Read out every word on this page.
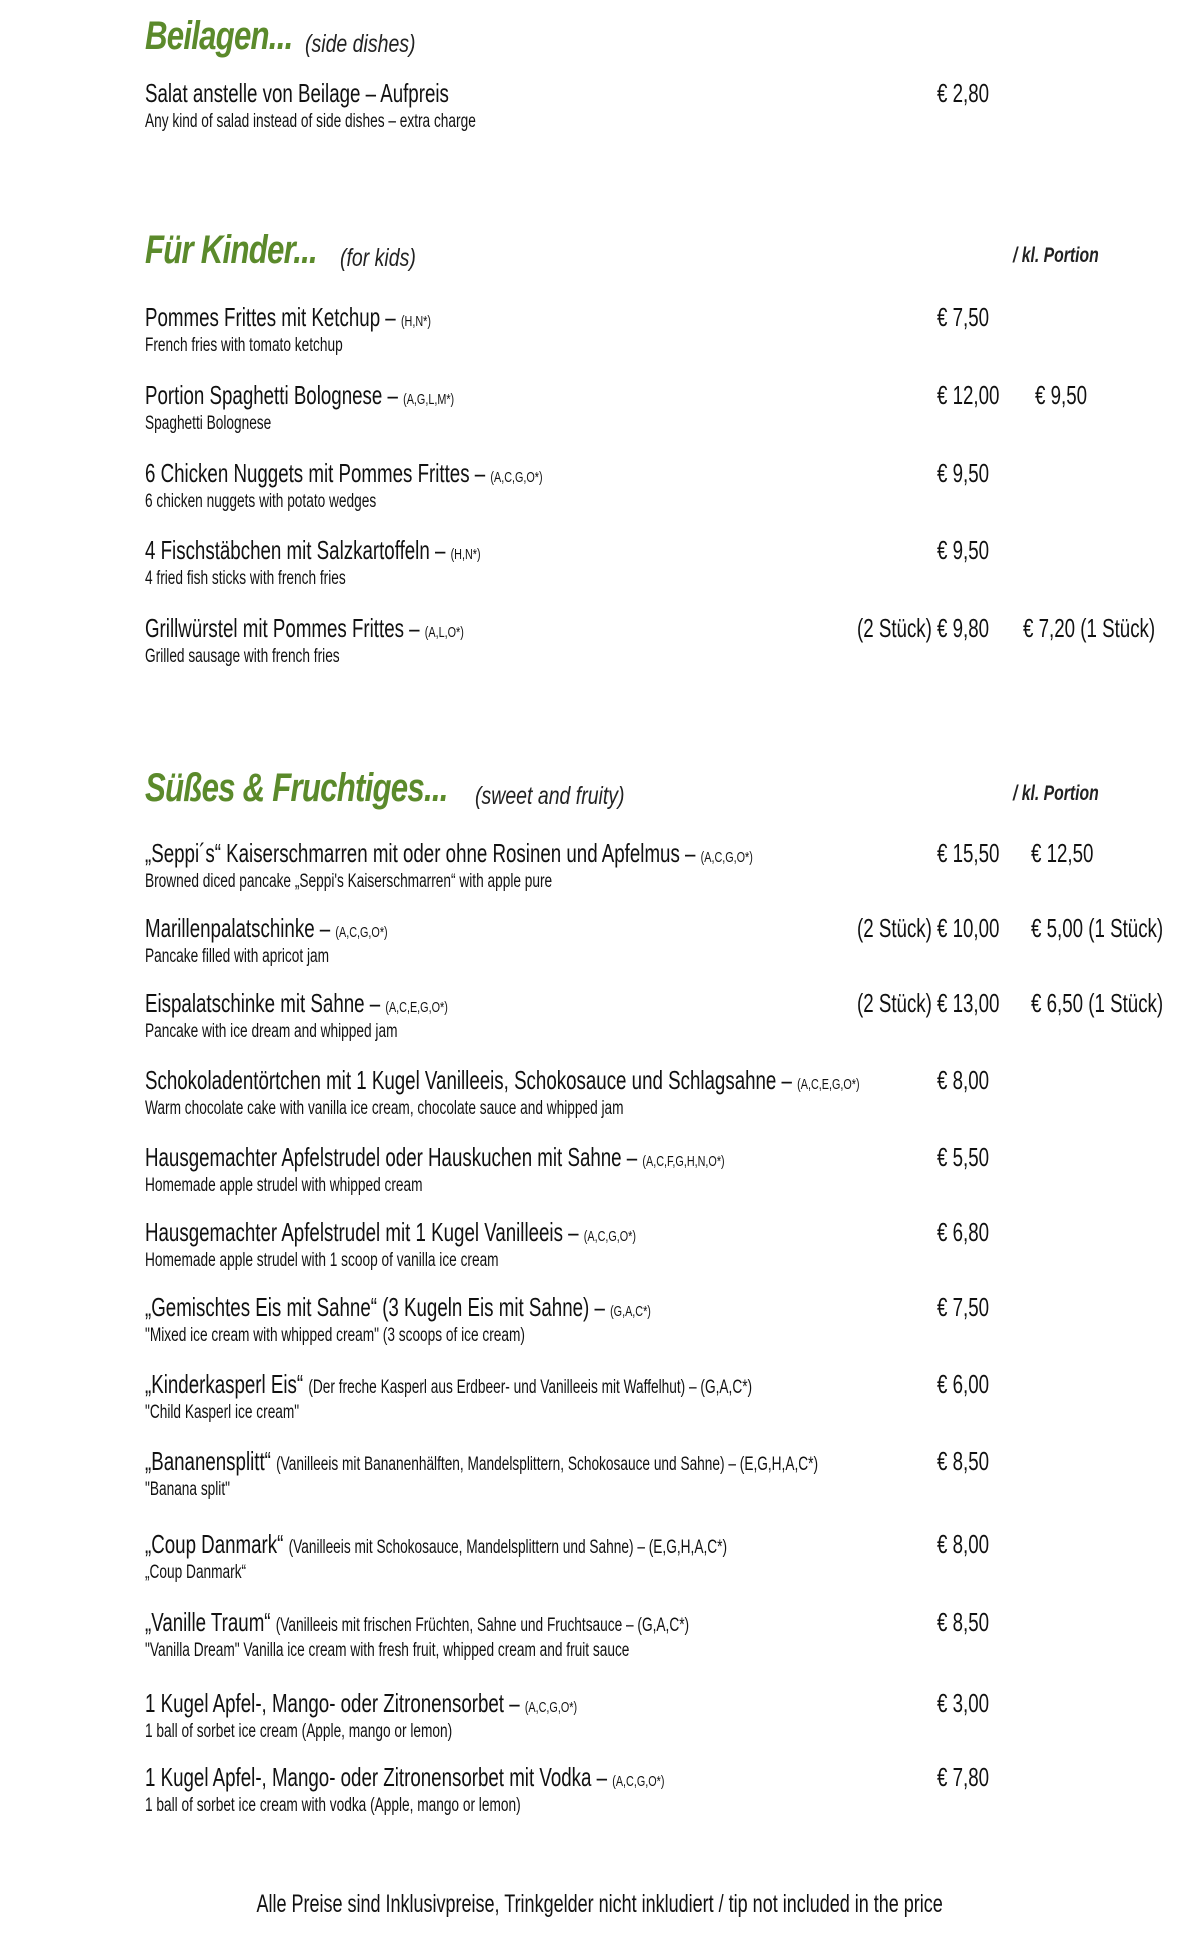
Beilagen... (side dishes)
Salat anstelle von Beilage – Aufpreis
Any kind of salad instead of side dishes – extra charge
€ 2,80
Für Kinder... (for kids)	/ kl. Portion
Pommes Frittes mit Ketchup – (H,N*)
French fries with tomato ketchup
€ 7,50
Portion Spaghetti Bolognese – (A,G,L,M*)
Spaghetti Bolognese
€ 12,00 € 9,50
6 Chicken Nuggets mit Pommes Frittes – (A,C,G,O*)
6 chicken nuggets with potato wedges
€ 9,50
4 Fischstäbchen mit Salzkartoffeln – (H,N*)
4 fried fish sticks with french fries
€ 9,50
Grillwürstel mit Pommes Frittes – (A,L,O*)
Grilled sausage with french fries
(2 Stück) € 9,80 € 7,20 (1 Stück)
Süßes & Fruchtiges... (sweet and fruity)	/ kl. Portion
„Seppi´s“ Kaiserschmarren mit oder ohne Rosinen und Apfelmus – (A,C,G,O*)
Browned diced pancake „Seppi's Kaiserschmarren“ with apple pure
€ 15,50 € 12,50
Marillenpalatschinke – (A,C,G,O*)
Pancake filled with apricot jam
(2 Stück) € 10,00 € 5,00 (1 Stück)
Eispalatschinke mit Sahne – (A,C,E,G,O*)
Pancake with ice dream and whipped jam
(2 Stück) € 13,00 € 6,50 (1 Stück)
Schokoladentörtchen mit 1 Kugel Vanilleeis, Schokosauce und Schlagsahne – (A,C,E,G,O*)
Warm chocolate cake with vanilla ice cream, chocolate sauce and whipped jam
€ 8,00
Hausgemachter Apfelstrudel oder Hauskuchen mit Sahne – (A,C,F,G,H,N,O*)
Homemade apple strudel with whipped cream
€ 5,50
Hausgemachter Apfelstrudel mit 1 Kugel Vanilleeis – (A,C,G,O*)
Homemade apple strudel with 1 scoop of vanilla ice cream
€ 6,80
„Gemischtes Eis mit Sahne“ (3 Kugeln Eis mit Sahne) – (G,A,C*)
"Mixed ice cream with whipped cream" (3 scoops of ice cream)
€ 7,50
„Kinderkasperl Eis“ (Der freche Kasperl aus Erdbeer- und Vanilleeis mit Waffelhut) – (G,A,C*)
"Child Kasperl ice cream"
€ 6,00
„Bananensplitt“ (Vanilleeis mit Bananenhälften, Mandelsplittern, Schokosauce und Sahne) – (E,G,H,A,C*)
"Banana split"
€ 8,50
„Coup Danmark“ (Vanilleeis mit Schokosauce, Mandelsplittern und Sahne) – (E,G,H,A,C*)
„Coup Danmark“
€ 8,00
„Vanille Traum“ (Vanilleeis mit frischen Früchten, Sahne und Fruchtsauce – (G,A,C*)
"Vanilla Dream" Vanilla ice cream with fresh fruit, whipped cream and fruit sauce
€ 8,50
1 Kugel Apfel-, Mango- oder Zitronensorbet – (A,C,G,O*)
1 ball of sorbet ice cream (Apple, mango or lemon)
€ 3,00
1 Kugel Apfel-, Mango- oder Zitronensorbet mit Vodka – (A,C,G,O*)
1 ball of sorbet ice cream with vodka (Apple, mango or lemon)
€ 7,80
Alle Preise sind Inklusivpreise, Trinkgelder nicht inkludiert / tip not included in the price
